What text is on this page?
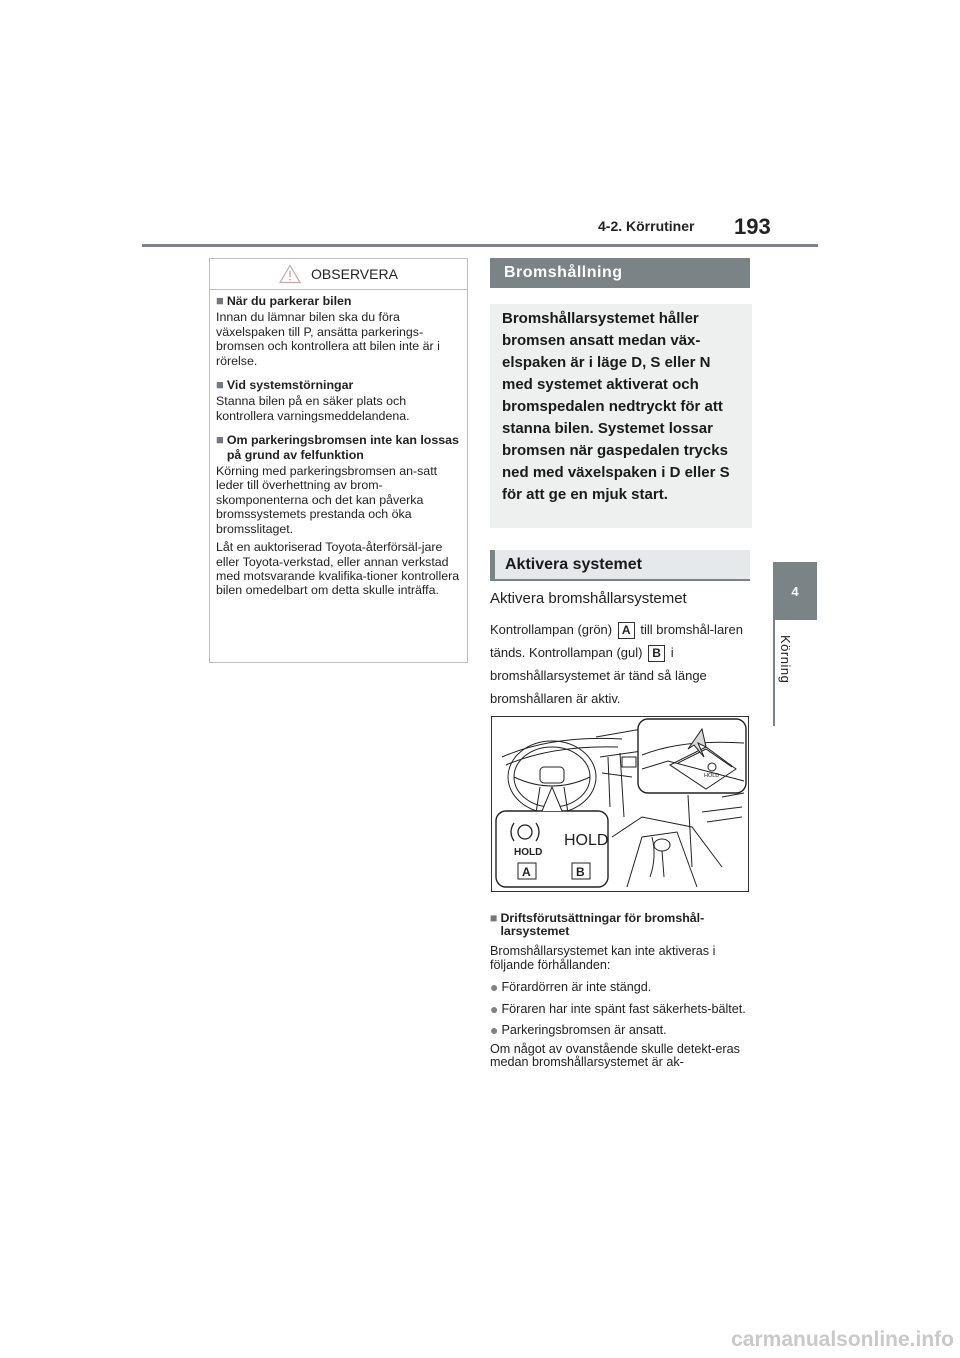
4-2. Körrutiner 193
4
Körning
OBSERVERA
■ När du parkerar bilen

Innan du lämnar bilen ska du föra växelspaken till P, ansätta parkerings-bromsen och kontrollera att bilen inte är i rörelse.

■ Vid systemstörningar

Stanna bilen på en säker plats och kontrollera varningsmeddelandena.

■ Om parkeringsbromsen inte kan lossas på grund av felfunktion

Körning med parkeringsbromsen an-satt leder till överhettning av brom-skomponenterna och det kan påverka bromssystemets prestanda och öka bromsslitaget.

Låt en auktoriserad Toyota-återförsäl-jare eller Toyota-verkstad, eller annan verkstad med motsvarande kvalifika-tioner kontrollera bilen omedelbart om detta skulle inträffa.

Bromshållning
Bromshållarsystemet håller bromsen ansatt medan väx-elspaken är i läge D, S eller N med systemet aktiverat och bromspedalen nedtryckt för att stanna bilen. Systemet lossar bromsen när gaspedalen trycks ned med växelspaken i D eller S för att ge en mjuk start.
Aktivera systemet
Aktivera bromshållarsystemet
Kontrollampan (grön) A till bromshål-laren tänds. Kontrollampan (gul) B i bromshållarsystemet är tänd så länge bromshållaren är aktiv.
HOLD
HOLD
HOLD
A	B
■ Driftsförutsättningar för bromshål-larsystemet
Bromshållarsystemet kan inte aktiveras i följande förhållanden:
● Förardörren är inte stängd.
● Föraren har inte spänt fast säkerhets-bältet.
● Parkeringsbromsen är ansatt.
Om något av ovanstående skulle detekt-eras medan bromshållarsystemet är ak-
carmanualsonline.info
